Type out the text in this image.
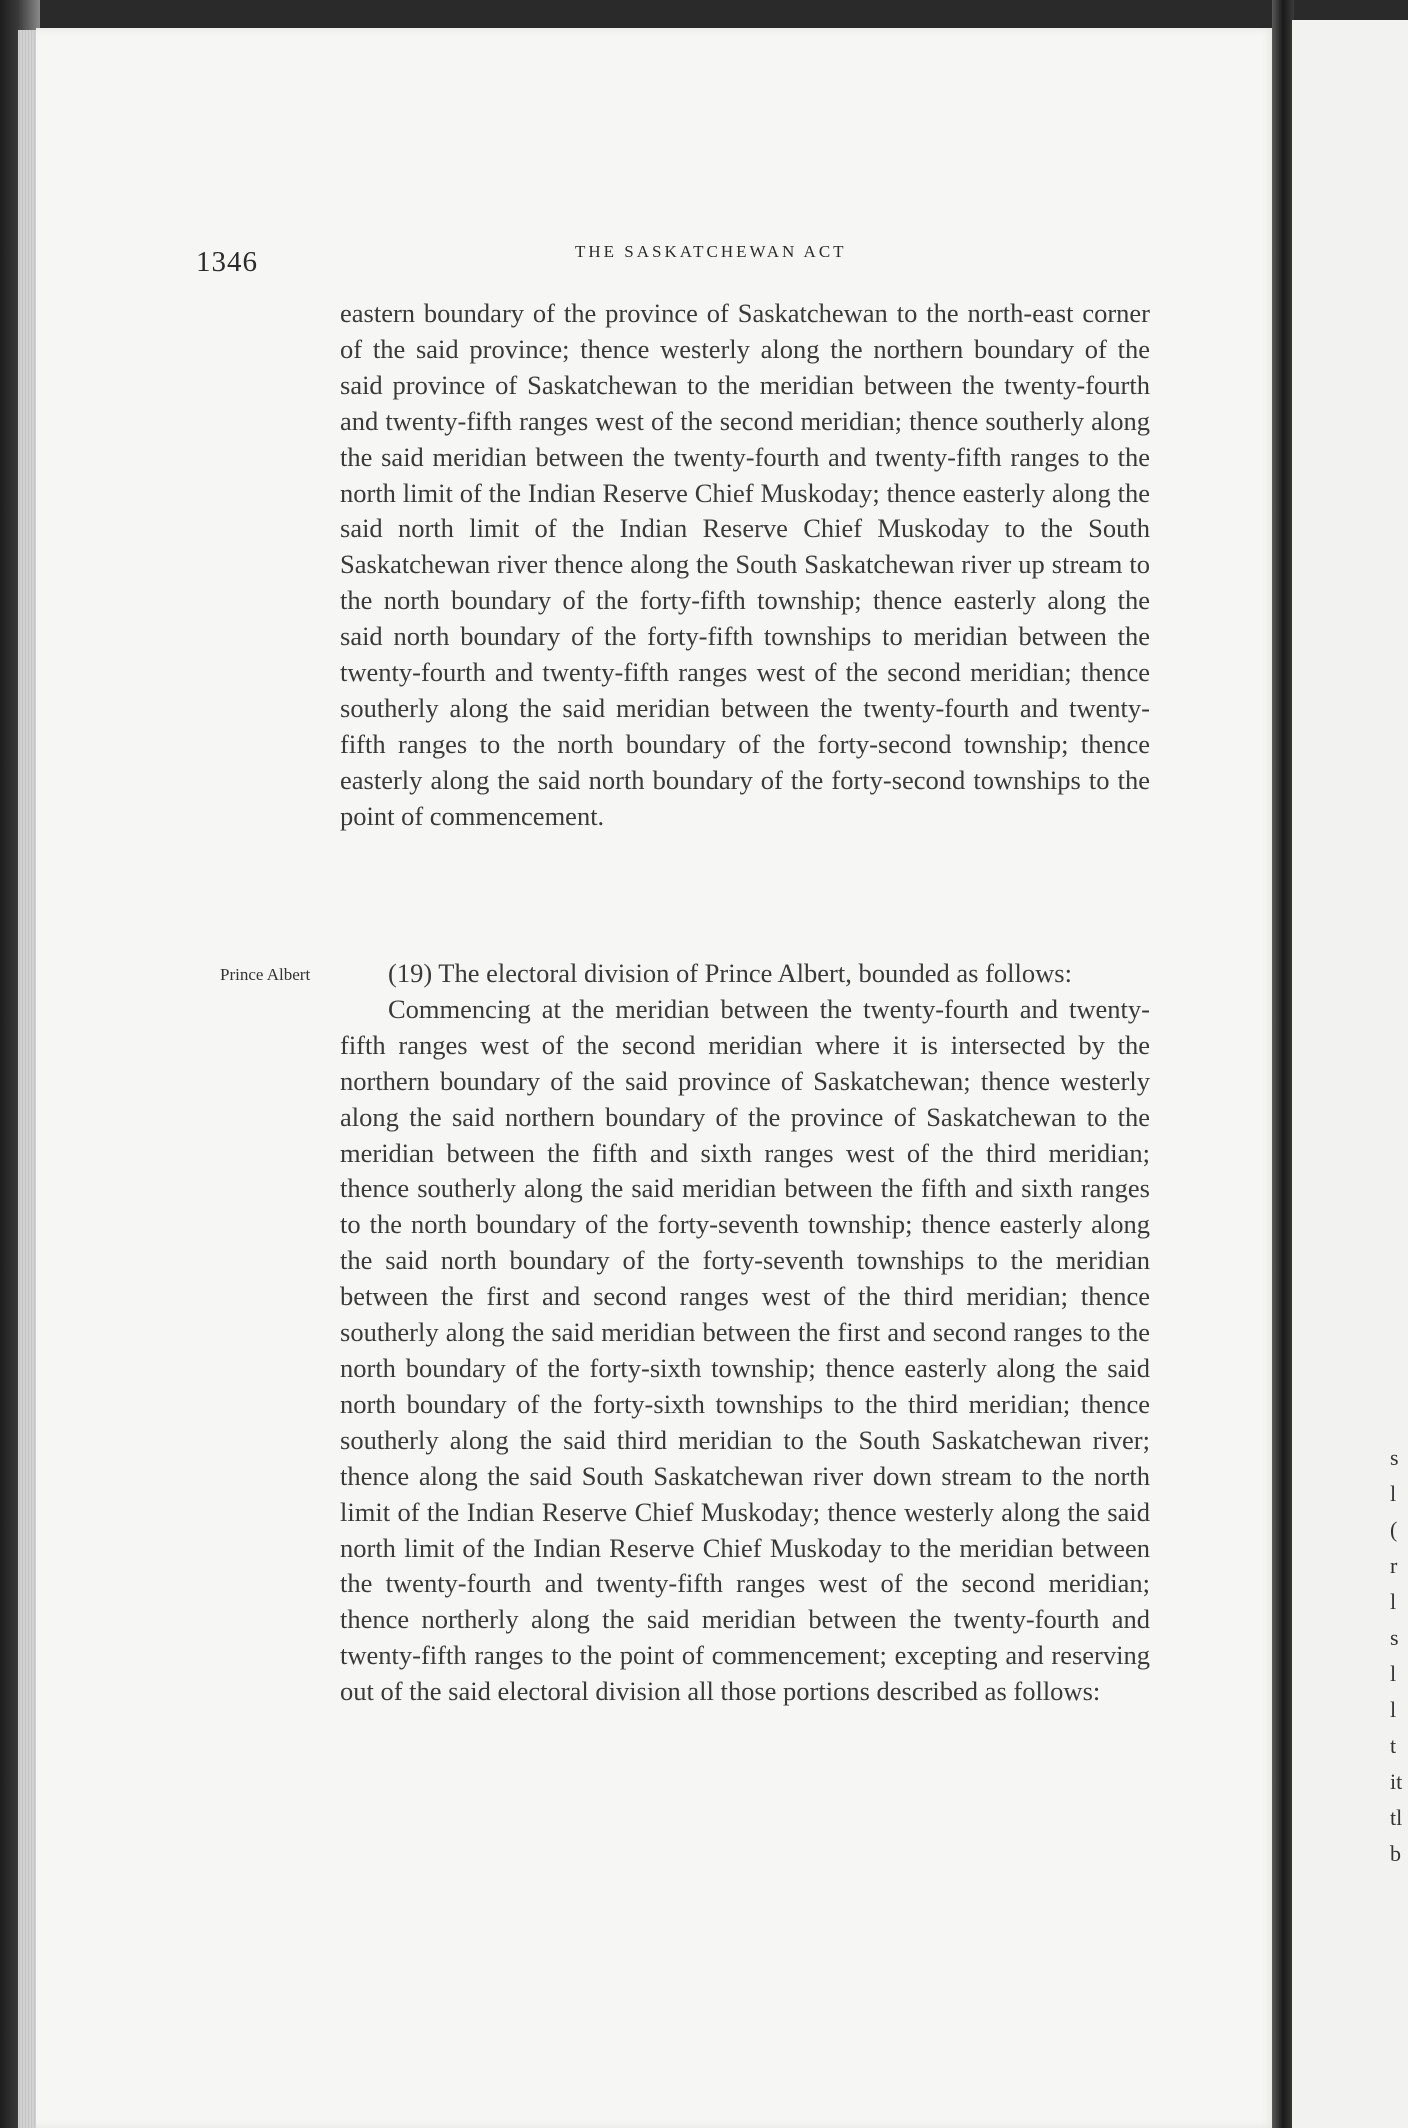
s
l
(
r
l
s
l
l
t
it
tl
b
1346	THE SASKATCHEWAN ACT

eastern boundary of the province of Saskatchewan to the north-east corner of the said province; thence westerly along the northern boundary of the said province of Saskatchewan to the meridian between the twenty-fourth and twenty-fifth ranges west of the second meridian; thence southerly along the said meridian between the twenty-fourth and twenty-fifth ranges to the north limit of the Indian Reserve Chief Muskoday; thence easterly along the said north limit of the Indian Reserve Chief Muskoday to the South Saskatchewan river thence along the South Saskatchewan river up stream to the north boundary of the forty-fifth township; thence easterly along the said north boundary of the forty-fifth townships to meridian between the twenty-fourth and twenty-fifth ranges west of the second meridian; thence southerly along the said meridian between the twenty-fourth and twenty-fifth ranges to the north boundary of the forty-second township; thence easterly along the said north boundary of the forty-second townships to the point of commencement.

Prince Albert	(19) The electoral division of Prince Albert, bounded as follows:

Commencing at the meridian between the twenty-fourth and twenty-fifth ranges west of the second meridian where it is intersected by the northern boundary of the said province of Saskatchewan; thence westerly along the said northern boundary of the province of Saskatchewan to the meridian between the fifth and sixth ranges west of the third meridian; thence southerly along the said meridian between the fifth and sixth ranges to the north boundary of the forty-seventh township; thence easterly along the said north boundary of the forty-seventh townships to the meridian between the first and second ranges west of the third meridian; thence southerly along the said meridian between the first and second ranges to the north boundary of the forty-sixth township; thence easterly along the said north boundary of the forty-sixth townships to the third meridian; thence southerly along the said third meridian to the South Saskatchewan river; thence along the said South Saskatchewan river down stream to the north limit of the Indian Reserve Chief Muskoday; thence westerly along the said north limit of the Indian Reserve Chief Muskoday to the meridian between the twenty-fourth and twenty-fifth ranges west of the second meridian; thence northerly along the said meridian between the twenty-fourth and twenty-fifth ranges to the point of commencement; excepting and reserving out of the said electoral division all those portions described as follows:
